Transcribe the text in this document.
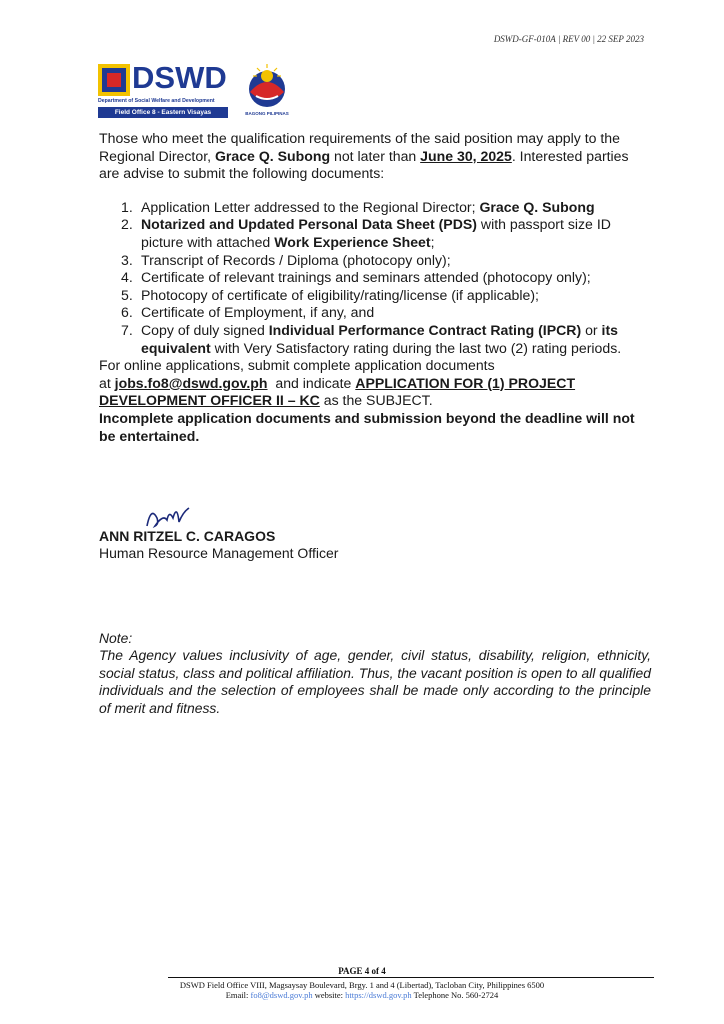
DSWD-GF-010A | REV 00 | 22 SEP 2023
DSWD
Department of Social Welfare and Development
Field Office 8 - Eastern Visayas	BAGONG PILIPINAS

Those who meet the qualification requirements of the said position may apply to the Regional Director, Grace Q. Subong not later than June 30, 2025. Interested parties are advise to submit the following documents:

1. Application Letter addressed to the Regional Director; Grace Q. Subong
2. Notarized and Updated Personal Data Sheet (PDS) with passport size ID picture with attached Work Experience Sheet;
3. Transcript of Records / Diploma (photocopy only);
4. Certificate of relevant trainings and seminars attended (photocopy only);
5. Photocopy of certificate of eligibility/rating/license (if applicable);
6. Certificate of Employment, if any, and
7. Copy of duly signed Individual Performance Contract Rating (IPCR) or its equivalent with Very Satisfactory rating during the last two (2) rating periods.

For online applications, submit complete application documents
at jobs.fo8@dswd.gov.ph  and indicate APPLICATION FOR (1) PROJECT DEVELOPMENT OFFICER II – KC as the SUBJECT.

Incomplete application documents and submission beyond the deadline will not be entertained.

ANN RITZEL C. CARAGOS
Human Resource Management Officer
Note:
The Agency values inclusivity of age, gender, civil status, disability, religion, ethnicity, social status, class and political affiliation. Thus, the vacant position is open to all qualified individuals and the selection of employees shall be made only according to the principle of merit and fitness.
PAGE 4 of 4
DSWD Field Office VIII, Magsaysay Boulevard, Brgy. 1 and 4 (Libertad), Tacloban City, Philippines 6500
Email: fo8@dswd.gov.ph website: https://dswd.gov.ph Telephone No. 560-2724
